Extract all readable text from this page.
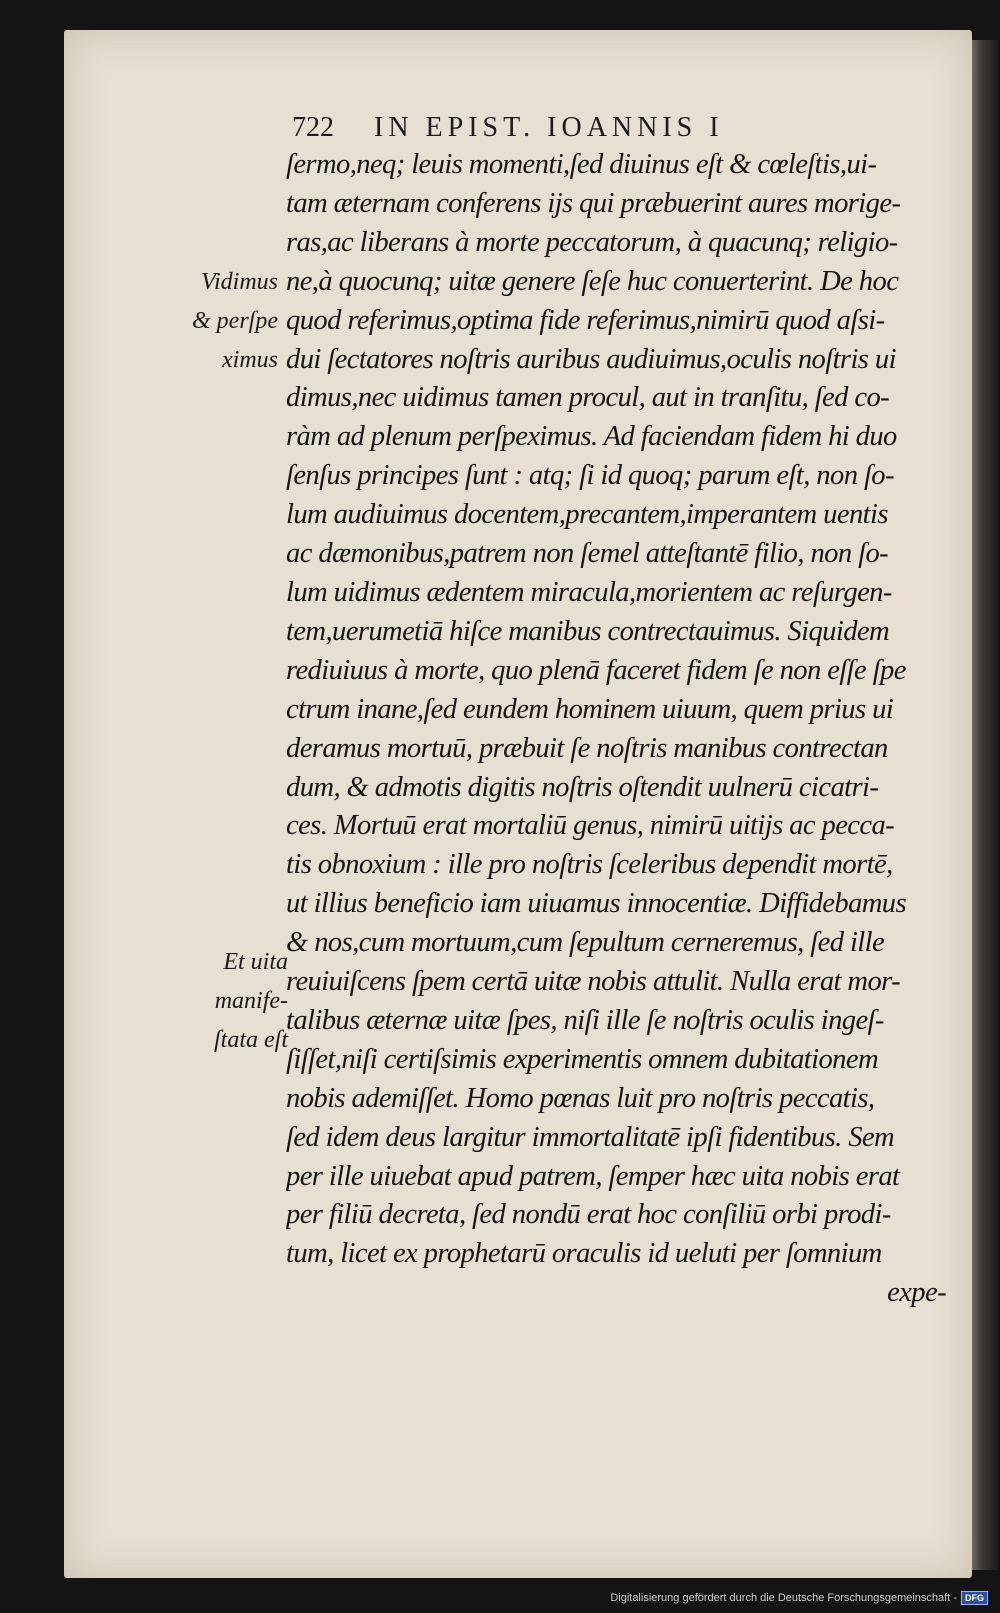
722 IN EPIST. IOANNIS I
Vidimus
& perſpe
ximus
Et uita
manife-
ſtata eſt
ſermo,neq; leuis momenti,ſed diuinus eſt & cœleſtis,ui-
tam æternam conferens ijs qui præbuerint aures morige-
ras,ac liberans à morte peccatorum, à quacunq; religio-
ne,à quocunq; uitæ genere ſeſe huc conuerterint. De hoc
quod referimus,optima fide referimus,nimirū quod aſsi-
dui ſectatores noſtris auribus audiuimus,oculis noſtris ui
dimus,nec uidimus tamen procul, aut in tranſitu, ſed co-
ràm ad plenum perſpeximus. Ad faciendam fidem hi duo
ſenſus principes ſunt : atq; ſi id quoq; parum eſt, non ſo-
lum audiuimus docentem,precantem,imperantem uentis
ac dæmonibus,patrem non ſemel atteſtantē filio, non ſo-
lum uidimus ædentem miracula,morientem ac reſurgen-
tem,uerumetiā hiſce manibus contrectauimus. Siquidem
rediuiuus à morte, quo plenā faceret fidem ſe non eſſe ſpe
ctrum inane,ſed eundem hominem uiuum, quem prius ui
deramus mortuū, præbuit ſe noſtris manibus contrectan
dum, & admotis digitis noſtris oſtendit uulnerū cicatri-
ces. Mortuū erat mortaliū genus, nimirū uitijs ac pecca-
tis obnoxium : ille pro noſtris ſceleribus dependit mortē,
ut illius beneficio iam uiuamus innocentiæ. Diffidebamus
& nos,cum mortuum,cum ſepultum cerneremus, ſed ille
reuiuiſcens ſpem certā uitæ nobis attulit. Nulla erat mor-
talibus æternæ uitæ ſpes, niſi ille ſe noſtris oculis ingeſ-
ſiſſet,niſi certiſsimis experimentis omnem dubitationem
nobis ademiſſet. Homo pœnas luit pro noſtris peccatis,
ſed idem deus largitur immortalitatē ipſi fidentibus. Sem
per ille uiuebat apud patrem, ſemper hæc uita nobis erat
per filiū decreta, ſed nondū erat hoc conſiliū orbi prodi-
tum, licet ex prophetarū oraculis id ueluti per ſomnium
expe-
Digitalisierung gefördert durch die Deutsche Forschungsgemeinschaft - DFG
